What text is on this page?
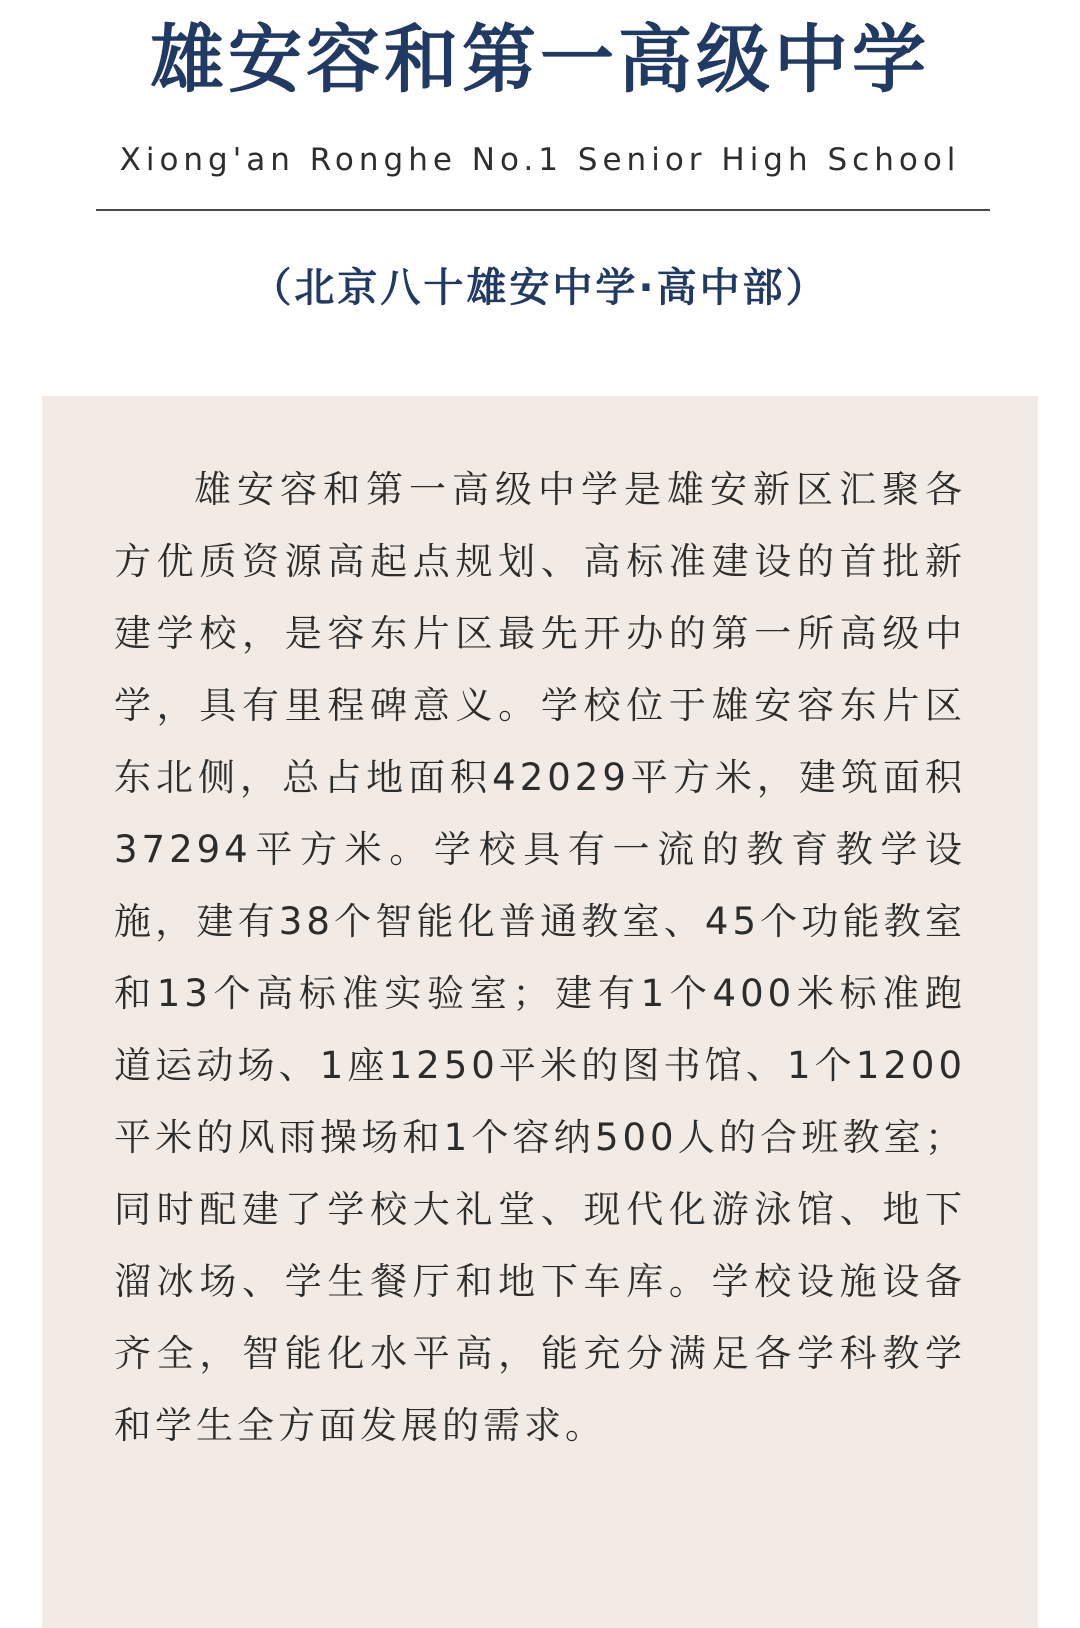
雄安容和第一高级中学
Xiong'an Ronghe No.1 Senior High School
（北京八十雄安中学·高中部）

雄安容和第一高级中学是雄安新区汇聚各方优质资源高起点规划、高标准建设的首批新建学校，是容东片区最先开办的第一所高级中学，具有里程碑意义。学校位于雄安容东片区东北侧，总占地面积42029平方米，建筑面积37294平方米。学校具有一流的教育教学设施，建有38个智能化普通教室、45个功能教室和13个高标准实验室；建有1个400米标准跑道运动场、1座1250平米的图书馆、1个1200平米的风雨操场和1个容纳500人的合班教室；同时配建了学校大礼堂、现代化游泳馆、地下溜冰场、学生餐厅和地下车库。学校设施设备齐全，智能化水平高，能充分满足各学科教学和学生全方面发展的需求。
